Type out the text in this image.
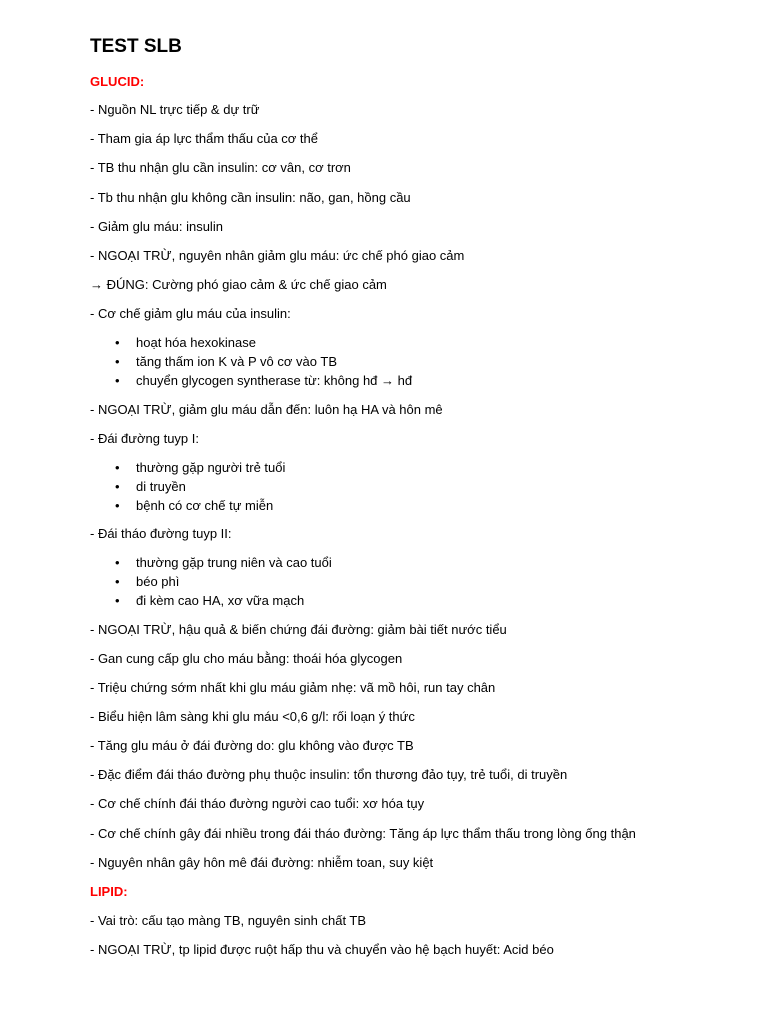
TEST SLB

GLUCID:

- Nguồn NL trực tiếp & dự trữ

- Tham gia áp lực thẩm thấu của cơ thể

- TB thu nhận glu cần insulin: cơ vân, cơ trơn

- Tb thu nhận glu không cần insulin: não, gan, hồng cầu

- Giảm glu máu: insulin

- NGOẠI TRỪ, nguyên nhân giảm glu máu: ức chế phó giao cảm

→ ĐÚNG: Cường phó giao cảm & ức chế giao cảm

- Cơ chế giảm glu máu của insulin:

• hoạt hóa hexokinase
• tăng thấm ion K và P vô cơ vào TB
• chuyển glycogen syntherase từ: không hđ → hđ

- NGOẠI TRỪ, giảm glu máu dẫn đến: luôn hạ HA và hôn mê

- Đái đường tuyp I:

• thường gặp người trẻ tuổi
• di truyền
• bệnh có cơ chế tự miễn

- Đái tháo đường tuyp II:

• thường gặp trung niên và cao tuổi
• béo phì
• đi kèm cao HA, xơ vữa mạch

- NGOẠI TRỪ, hậu quả & biến chứng đái đường: giảm bài tiết nước tiểu

- Gan cung cấp glu cho máu bằng: thoái hóa glycogen

- Triệu chứng sớm nhất khi glu máu giảm nhẹ: vã mồ hôi, run tay chân

- Biểu hiện lâm sàng khi glu máu <0,6 g/l: rối loạn ý thức

- Tăng glu máu ở đái đường do: glu không vào được TB

- Đặc điểm đái tháo đường phụ thuộc insulin: tổn thương đảo tụy, trẻ tuổi, di truyền

- Cơ chế chính đái tháo đường người cao tuổi: xơ hóa tụy

- Cơ chế chính gây đái nhiều trong đái tháo đường: Tăng áp lực thẩm thấu trong lòng ống thận

- Nguyên nhân gây hôn mê đái đường: nhiễm toan, suy kiệt

LIPID:

- Vai trò: cấu tạo màng TB, nguyên sinh chất TB

- NGOẠI TRỪ, tp lipid được ruột hấp thu và chuyển vào hệ bạch huyết: Acid béo
